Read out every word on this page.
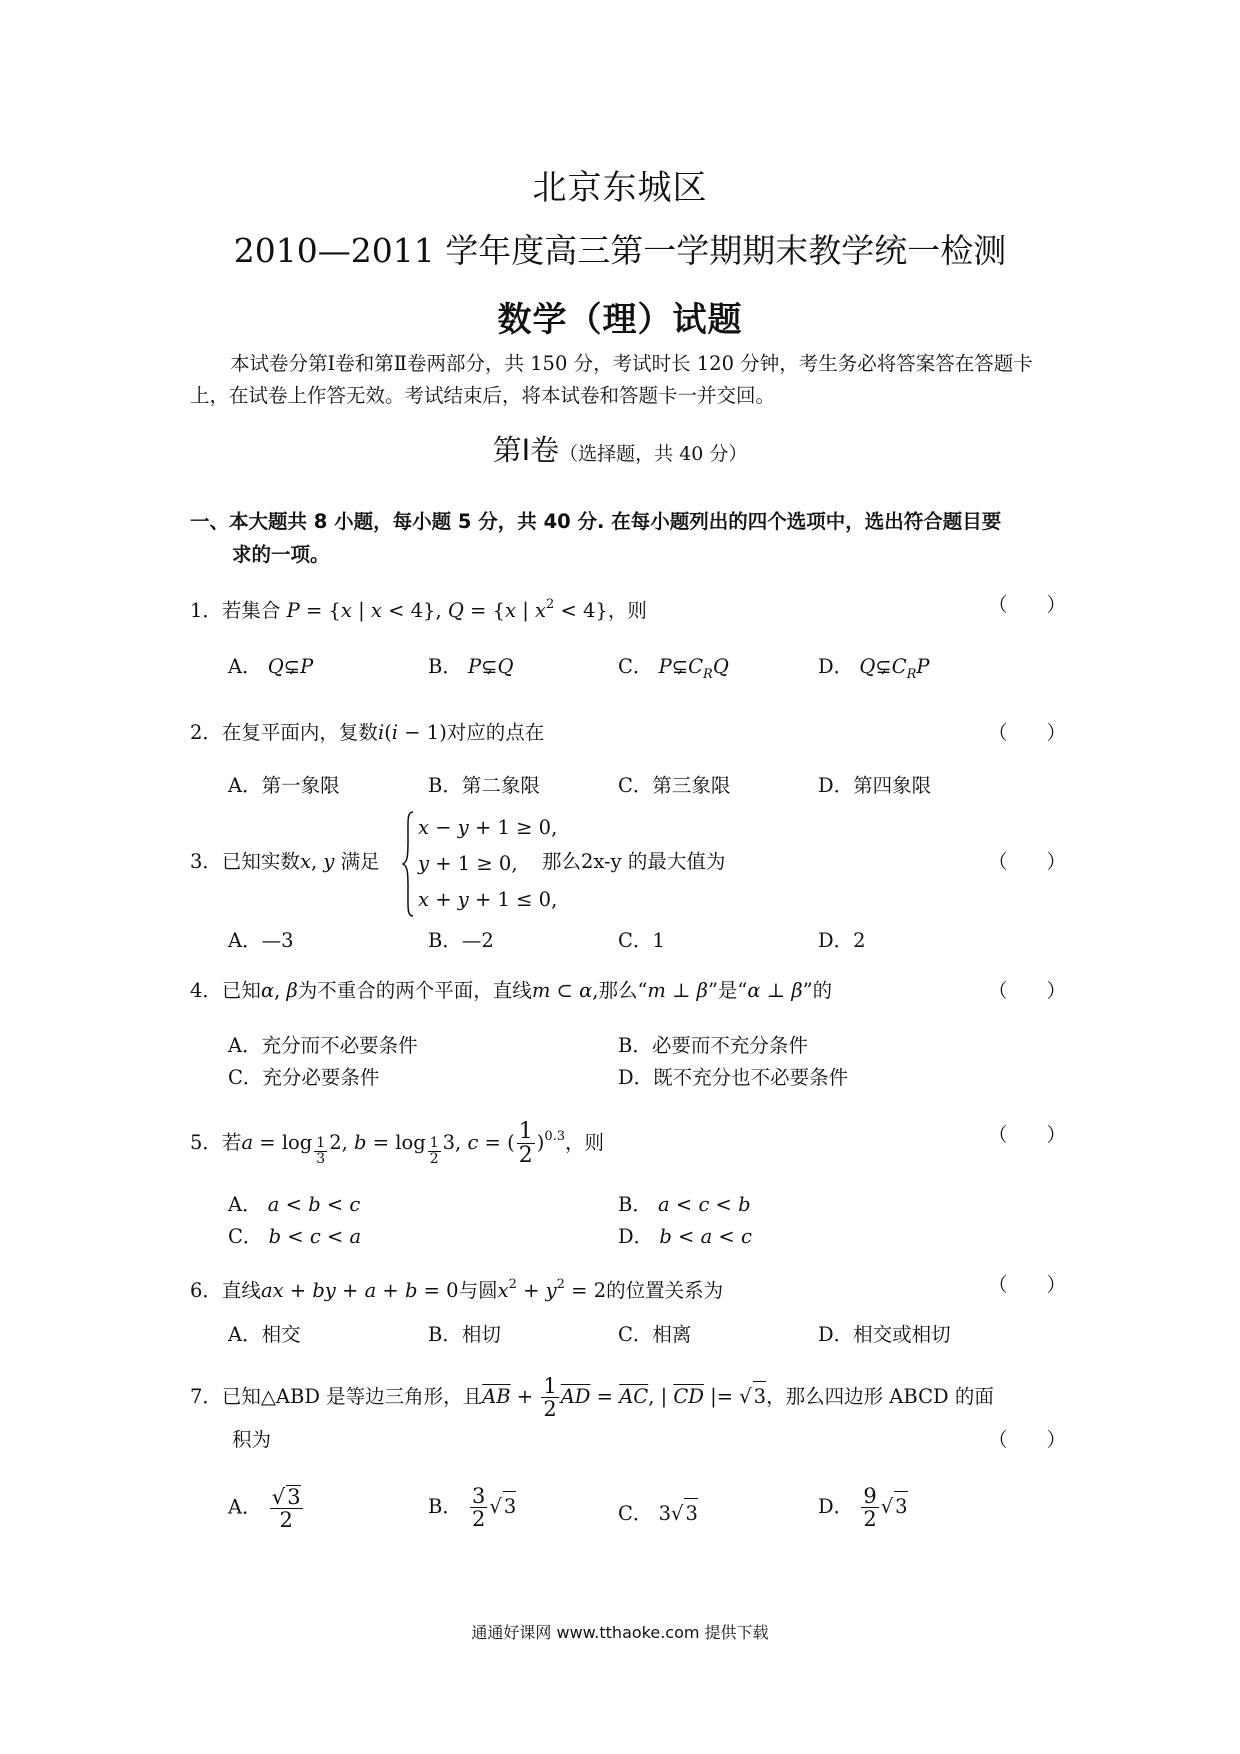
北京东城区
2010—2011 学年度高三第一学期期末教学统一检测
数学（理）试题
本试卷分第Ⅰ卷和第Ⅱ卷两部分，共 150 分，考试时长 120 分钟，考生务必将答案答在答题卡上，在试卷上作答无效。考试结束后，将本试卷和答题卡一并交回。
第Ⅰ卷（选择题，共 40 分）
一、本大题共 8 小题，每小题 5 分，共 40 分. 在每小题列出的四个选项中，选出符合题目要
求的一项。
1．若集合 P = {x | x < 4}, Q = {x | $x^2 < 4$}，则	（　　）
A． Q⊊P	B． P⊊Q	C． $P⊊C_RQ$	D． $Q⊊C_RP$
2．在复平面内，复数i(i − 1)对应的点在	（　　）
A．第一象限	B．第二象限	C．第三象限	D．第四象限
3．已知实数x, y 满足
x − y + 1 ≥ 0,
y + 1 ≥ 0,
x + y + 1 ≤ 0,
那么2x-y 的最大值为	（　　）
A．—3	B．—2	C．1	D．2
4．已知α, β为不重合的两个平面，直线m ⊂ α,那么“m ⊥ β”是“α ⊥ β”的	（　　）
A．充分而不必要条件	B．必要而不充分条件
C．充分必要条件	D．既不充分也不必要条件
5．若$a = \log \frac{1}{3} 2$, $b = \log \frac{1}{2} 3$, c = ( $\frac{1}{2} )^{0.3}$，则	（　　）
A． a < b < c	B． a < c < b
C． b < c < a	D． b < a < c
6．直线ax + by + a + b = 0与圆$x^2 + y^2 = 2$的位置关系为	（　　）
A．相交	B．相切	C．相离	D．相交或相切
7．已知△ABD 是等边三角形，且$\overline{AB} + \frac{1}{2} \overline{AD} = \overline{AC}$, | $\overline{CD}$ |= √ 3，那么四边形 ABCD 的面
积为	（　　）
A． $\frac{√3}{2}$	B． $\frac{3}{2}$ √ 3	C． 3√ 3	D． $\frac{9}{2}$ √ 3
通通好课网 www.tthaoke.com 提供下载
